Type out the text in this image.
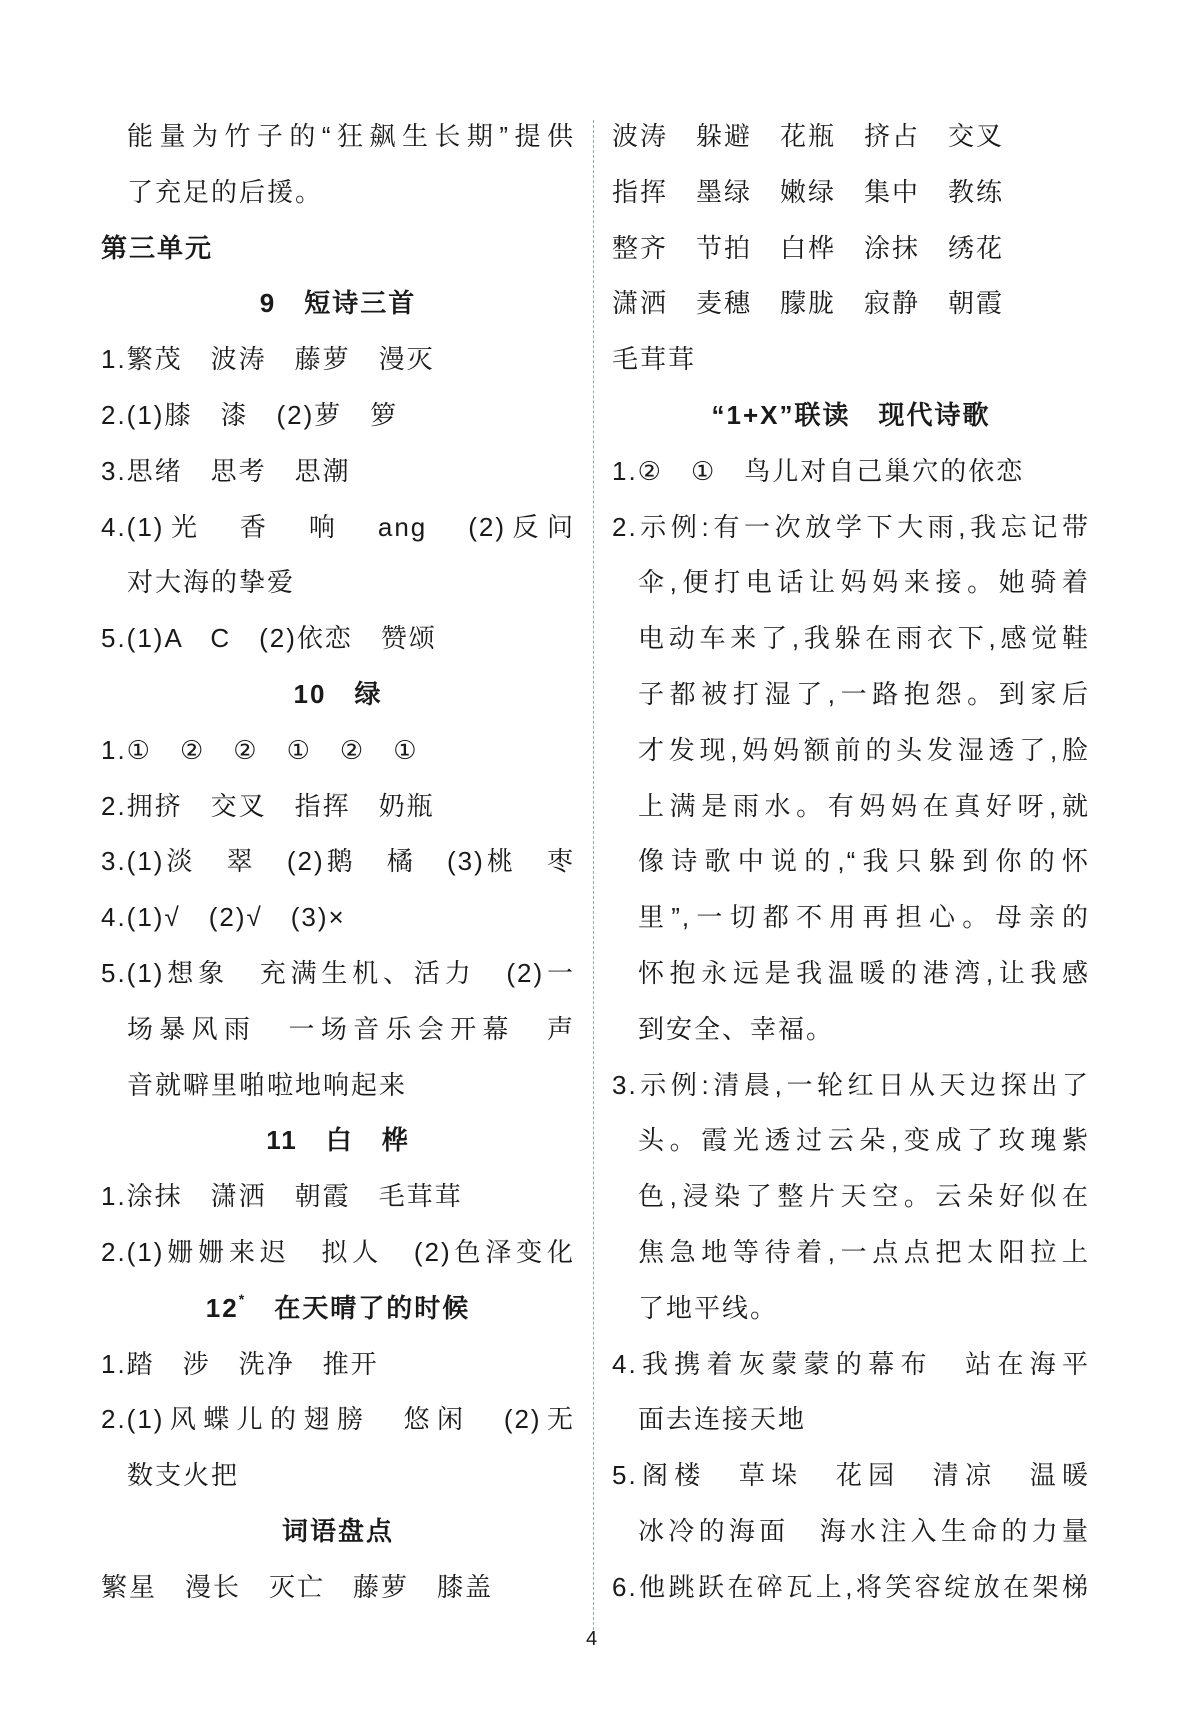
能量为竹子的“狂飙生长期”提供
了充足的后援。
第三单元
9　短诗三首
1.繁茂　波涛　藤萝　漫灭
2.(1)膝　漆　(2)萝　箩
3.思绪　思考　思潮
4.(1)光　香　响　ang　(2)反问
对大海的挚爱
5.(1)A　C　(2)依恋　赞颂
10　绿
1.①　②　②　①　②　①
2.拥挤　交叉　指挥　奶瓶
3.(1)淡　翠　(2)鹅　橘　(3)桃　枣
4.(1)√　(2)√　(3)×
5.(1)想象　充满生机、活力　(2)一
场暴风雨　一场音乐会开幕　声
音就噼里啪啦地响起来
11　白　桦
1.涂抹　潇洒　朝霞　毛茸茸
2.(1)姗姗来迟　拟人　(2)色泽变化
12*　 在天晴了的时候
1.踏　涉　洗净　推开
2.(1)风蝶儿的翅膀　悠闲　(2)无
数支火把
词语盘点
繁星　漫长　灭亡　藤萝　膝盖
波涛　躲避　花瓶　挤占　交叉
指挥　墨绿　嫩绿　集中　教练
整齐　节拍　白桦　涂抹　绣花
潇洒　麦穗　朦胧　寂静　朝霞
毛茸茸
“1+X”联读　现代诗歌
1.②　①　鸟儿对自己巢穴的依恋
2.示例:有一次放学下大雨,我忘记带
伞,便打电话让妈妈来接。她骑着
电动车来了,我躲在雨衣下,感觉鞋
子都被打湿了,一路抱怨。到家后
才发现,妈妈额前的头发湿透了,脸
上满是雨水。有妈妈在真好呀,就
像诗歌中说的,“我只躲到你的怀
里”,一切都不用再担心。母亲的
怀抱永远是我温暖的港湾,让我感
到安全、幸福。
3.示例:清晨,一轮红日从天边探出了
头。霞光透过云朵,变成了玫瑰紫
色,浸染了整片天空。云朵好似在
焦急地等待着,一点点把太阳拉上
了地平线。
4.我携着灰蒙蒙的幕布　站在海平
面去连接天地
5.阁楼　草垛　花园　清凉　温暖
冰冷的海面　海水注入生命的力量
6.他跳跃在碎瓦上,将笑容绽放在架梯
4
